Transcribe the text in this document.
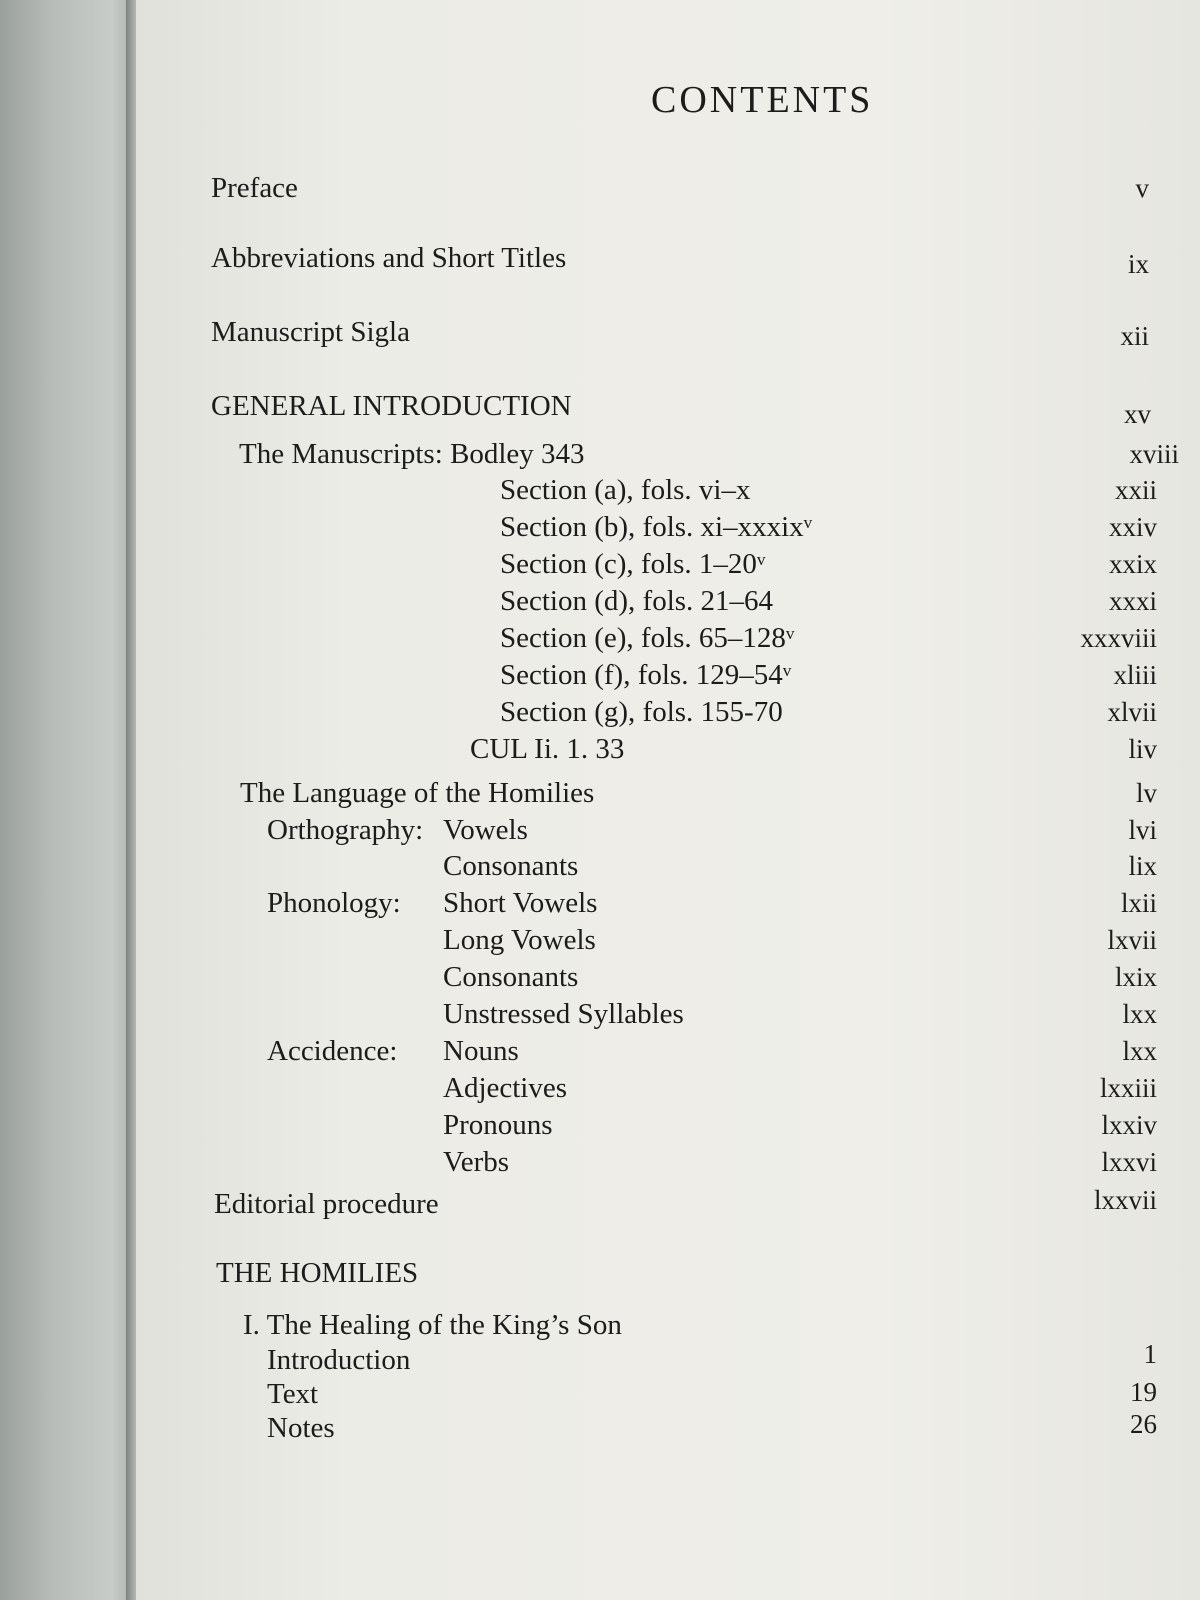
CONTENTS
Preface	v
Abbreviations and Short Titles	ix
Manuscript Sigla	xii
GENERAL INTRODUCTION	xv
The Manuscripts: Bodley 343	xviii
Section (a), fols. vi–x	xxii
Section (b), fols. xi–xxxixᵛ	xxiv
Section (c), fols. 1–20ᵛ	xxix
Section (d), fols. 21–64	xxxi
Section (e), fols. 65–128ᵛ	xxxviii
Section (f), fols. 129–54ᵛ	xliii
Section (g), fols. 155-70	xlvii
CUL Ii. 1. 33	liv
The Language of the Homilies	lv
Orthography: Vowels	lvi
Consonants	lix
Phonology: Short Vowels	lxii
Long Vowels	lxvii
Consonants	lxix
Unstressed Syllables	lxx
Accidence: Nouns	lxx
Adjectives	lxxiii
Pronouns	lxxiv
Verbs	lxxvi
Editorial procedure	lxxvii
THE HOMILIES
I. The Healing of the King’s Son
Introduction	1
Text	19
Notes	26
